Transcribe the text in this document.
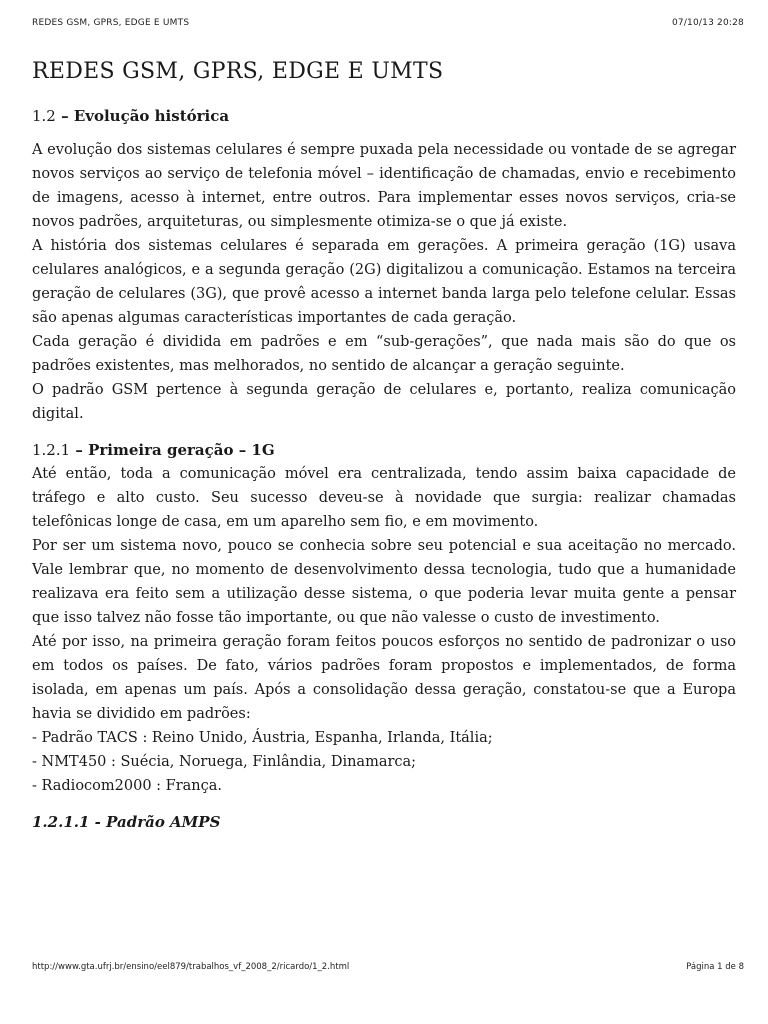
REDES GSM, GPRS, EDGE E UMTS	07/10/13 20:28
REDES GSM, GPRS, EDGE E UMTS
1.2 – Evolução histórica

A evolução dos sistemas celulares é sempre puxada pela necessidade ou vontade de se agregar novos serviços ao serviço de telefonia móvel – identificação de chamadas, envio e recebimento de imagens, acesso à internet, entre outros. Para implementar esses novos serviços, cria-se novos padrões, arquiteturas, ou simplesmente otimiza-se o que já existe.

A história dos sistemas celulares é separada em gerações. A primeira geração (1G) usava celulares analógicos, e a segunda geração (2G) digitalizou a comunicação. Estamos na terceira geração de celulares (3G), que provê acesso a internet banda larga pelo telefone celular. Essas são apenas algumas características importantes de cada geração.

Cada geração é dividida em padrões e em “sub-gerações”, que nada mais são do que os padrões existentes, mas melhorados, no sentido de alcançar a geração seguinte.

O padrão GSM pertence à segunda geração de celulares e, portanto, realiza comunicação digital.

1.2.1 – Primeira geração – 1G

Até então, toda a comunicação móvel era centralizada, tendo assim baixa capacidade de tráfego e alto custo. Seu sucesso deveu-se à novidade que surgia: realizar chamadas telefônicas longe de casa, em um aparelho sem fio, e em movimento.

Por ser um sistema novo, pouco se conhecia sobre seu potencial e sua aceitação no mercado. Vale lembrar que, no momento de desenvolvimento dessa tecnologia, tudo que a humanidade realizava era feito sem a utilização desse sistema, o que poderia levar muita gente a pensar que isso talvez não fosse tão importante, ou que não valesse o custo de investimento.

Até por isso, na primeira geração foram feitos poucos esforços no sentido de padronizar o uso em todos os países. De fato, vários padrões foram propostos e implementados, de forma isolada, em apenas um país. Após a consolidação dessa geração, constatou-se que a Europa havia se dividido em padrões:

- Padrão TACS : Reino Unido, Áustria, Espanha, Irlanda, Itália;

- NMT450 : Suécia, Noruega, Finlândia, Dinamarca;

- Radiocom2000 : França.

1.2.1.1 - Padrão AMPS
http://www.gta.ufrj.br/ensino/eel879/trabalhos_vf_2008_2/ricardo/1_2.html	Página 1 de 8
